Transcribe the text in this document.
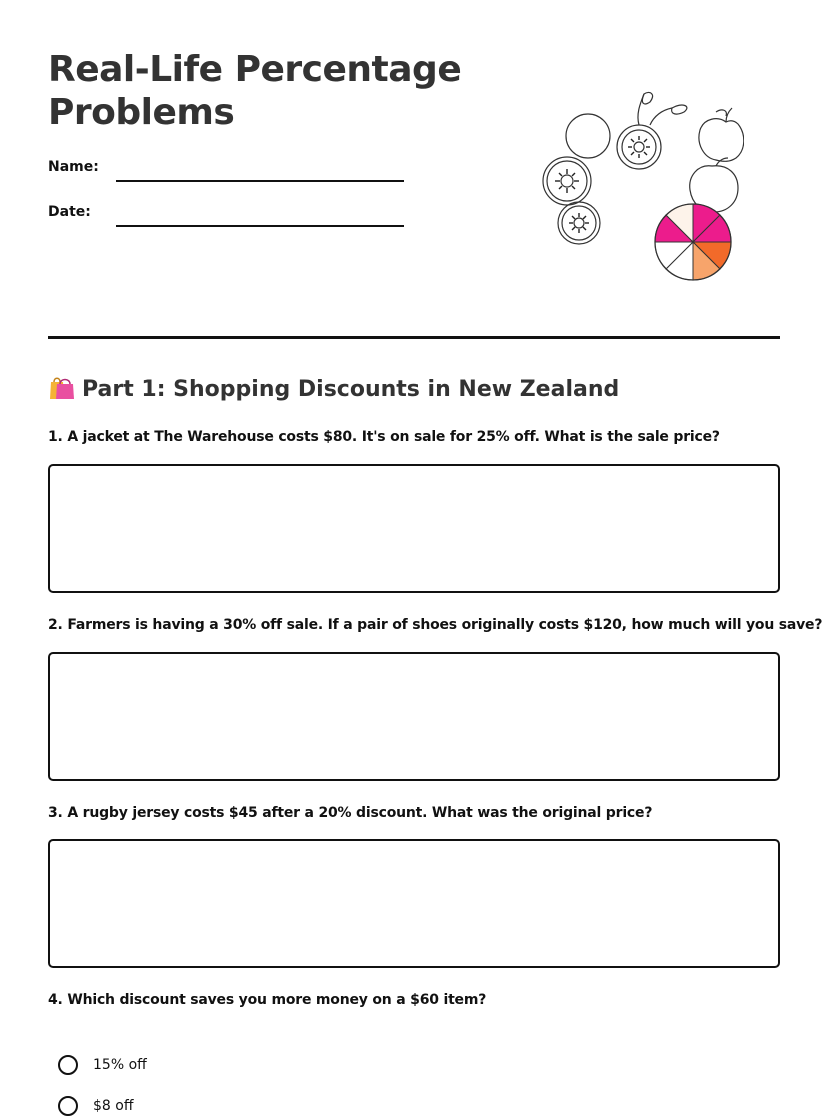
Real-Life Percentage
Problems
Name:
Date:
Part 1: Shopping Discounts in New Zealand

1. A jacket at The Warehouse costs $80. It's on sale for 25% off. What is the sale price?

2. Farmers is having a 30% off sale. If a pair of shoes originally costs $120, how much will you save?

3. A rugby jersey costs $45 after a 20% discount. What was the original price?

4. Which discount saves you more money on a $60 item?

15% off
$8 off
